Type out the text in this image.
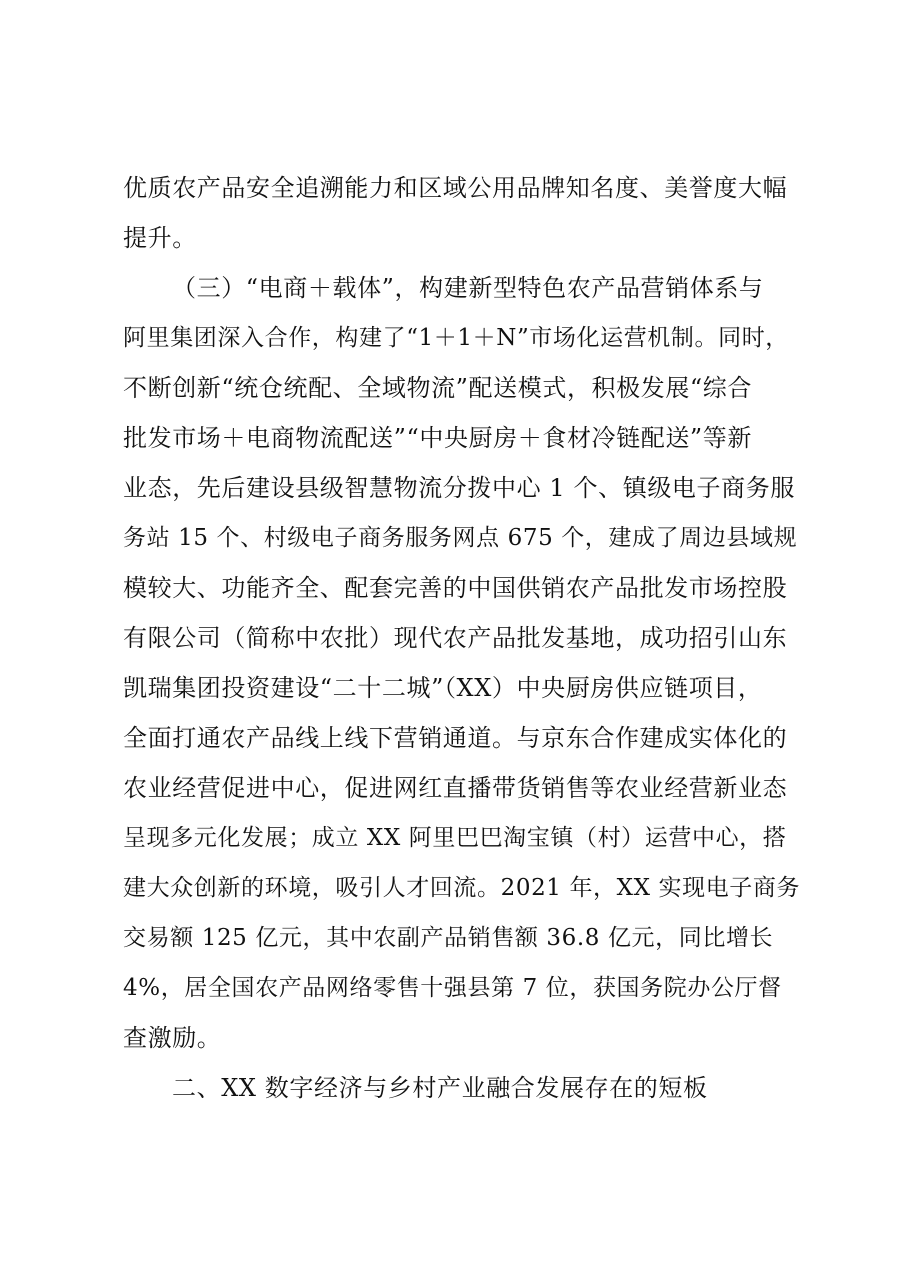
优质农产品安全追溯能力和区域公用品牌知名度、美誉度大幅
提升。
（三）“电商＋载体”，构建新型特色农产品营销体系与
阿里集团深入合作，构建了“1＋1＋N”市场化运营机制。同时，
不断创新“统仓统配、全域物流”配送模式，积极发展“综合
批发市场＋电商物流配送”“中央厨房＋食材冷链配送”等新
业态，先后建设县级智慧物流分拨中心 1 个、镇级电子商务服
务站 15 个、村级电子商务服务网点 675 个，建成了周边县域规
模较大、功能齐全、配套完善的中国供销农产品批发市场控股
有限公司（简称中农批）现代农产品批发基地，成功招引山东
凯瑞集团投资建设“二十二城”（XX）中央厨房供应链项目，
全面打通农产品线上线下营销通道。与京东合作建成实体化的
农业经营促进中心，促进网红直播带货销售等农业经营新业态
呈现多元化发展；成立 XX 阿里巴巴淘宝镇（村）运营中心，搭
建大众创新的环境，吸引人才回流。2021 年，XX 实现电子商务
交易额 125 亿元，其中农副产品销售额 36.8 亿元，同比增长
4%，居全国农产品网络零售十强县第 7 位，获国务院办公厅督
查激励。
二、XX 数字经济与乡村产业融合发展存在的短板
